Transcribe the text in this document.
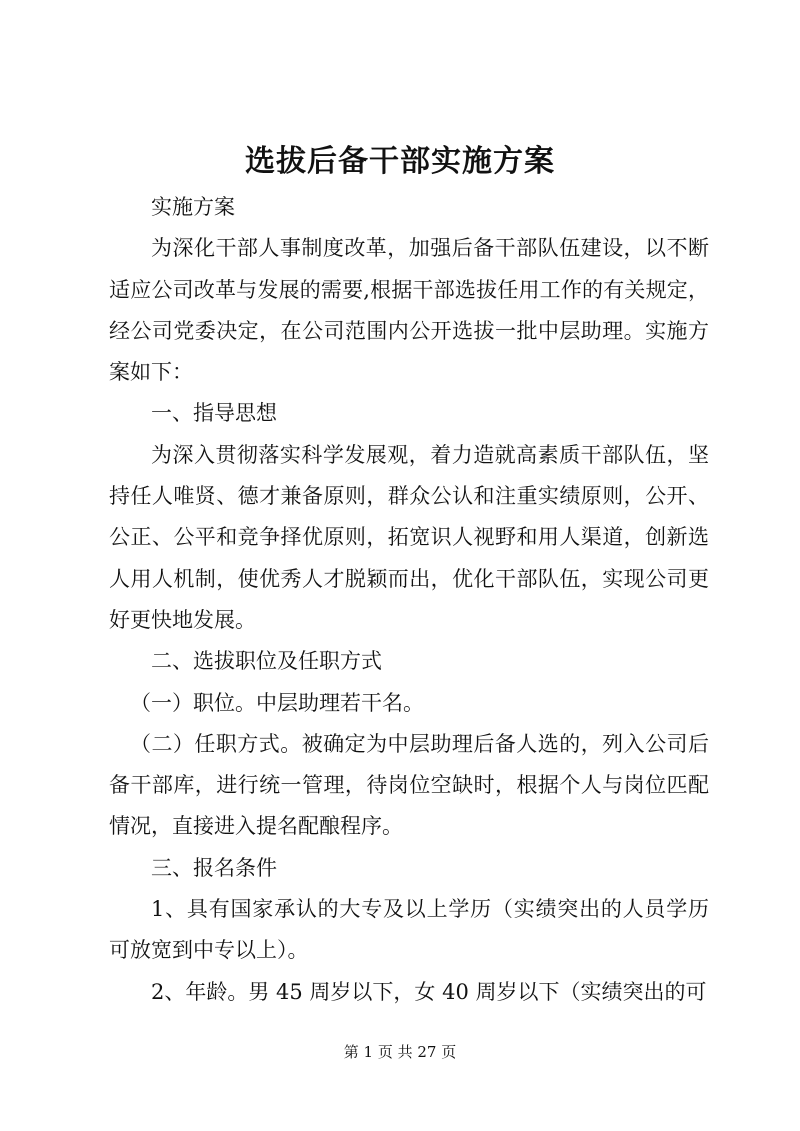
选拔后备干部实施方案

实施方案

为深化干部人事制度改革，加强后备干部队伍建设，以不断适应公司改革与发展的需要,根据干部选拔任用工作的有关规定，经公司党委决定，在公司范围内公开选拔一批中层助理。实施方案如下：

一、指导思想

为深入贯彻落实科学发展观，着力造就高素质干部队伍，坚持任人唯贤、德才兼备原则，群众公认和注重实绩原则，公开、公正、公平和竞争择优原则，拓宽识人视野和用人渠道，创新选人用人机制，使优秀人才脱颖而出，优化干部队伍，实现公司更好更快地发展。

二、选拔职位及任职方式

（一）职位。中层助理若干名。

（二）任职方式。被确定为中层助理后备人选的，列入公司后备干部库，进行统一管理，待岗位空缺时，根据个人与岗位匹配情况，直接进入提名配酿程序。

三、报名条件

1、具有国家承认的大专及以上学历（实绩突出的人员学历可放宽到中专以上）。

2、年龄。男 45 周岁以下，女 40 周岁以下（实绩突出的可

第 1 页 共 27 页
